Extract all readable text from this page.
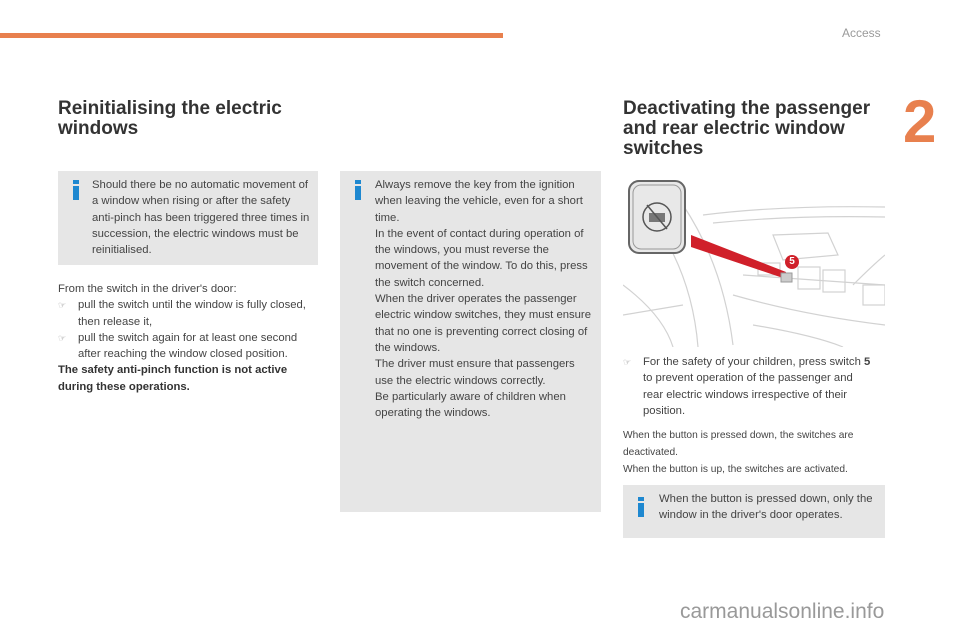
Access
2
Reinitialising the electric windows
Should there be no automatic movement of a window when rising or after the safety anti-pinch has been triggered three times in succession, the electric windows must be reinitialised.
From the switch in the driver's door:
☞ pull the switch until the window is fully closed, then release it,
☞ pull the switch again for at least one second after reaching the window closed position.
The safety anti-pinch function is not active during these operations.
Always remove the key from the ignition when leaving the vehicle, even for a short time.
In the event of contact during operation of the windows, you must reverse the movement of the window. To do this, press the switch concerned.
When the driver operates the passenger electric window switches, they must ensure that no one is preventing correct closing of the windows.
The driver must ensure that passengers use the electric windows correctly.
Be particularly aware of children when operating the windows.
Deactivating the passenger and rear electric window switches
5
☞ For the safety of your children, press switch 5 to prevent operation of the passenger and rear electric windows irrespective of their position.
When the button is pressed down, the switches are deactivated.
When the button is up, the switches are activated.
When the button is pressed down, only the window in the driver's door operates.
carmanualsonline.info
